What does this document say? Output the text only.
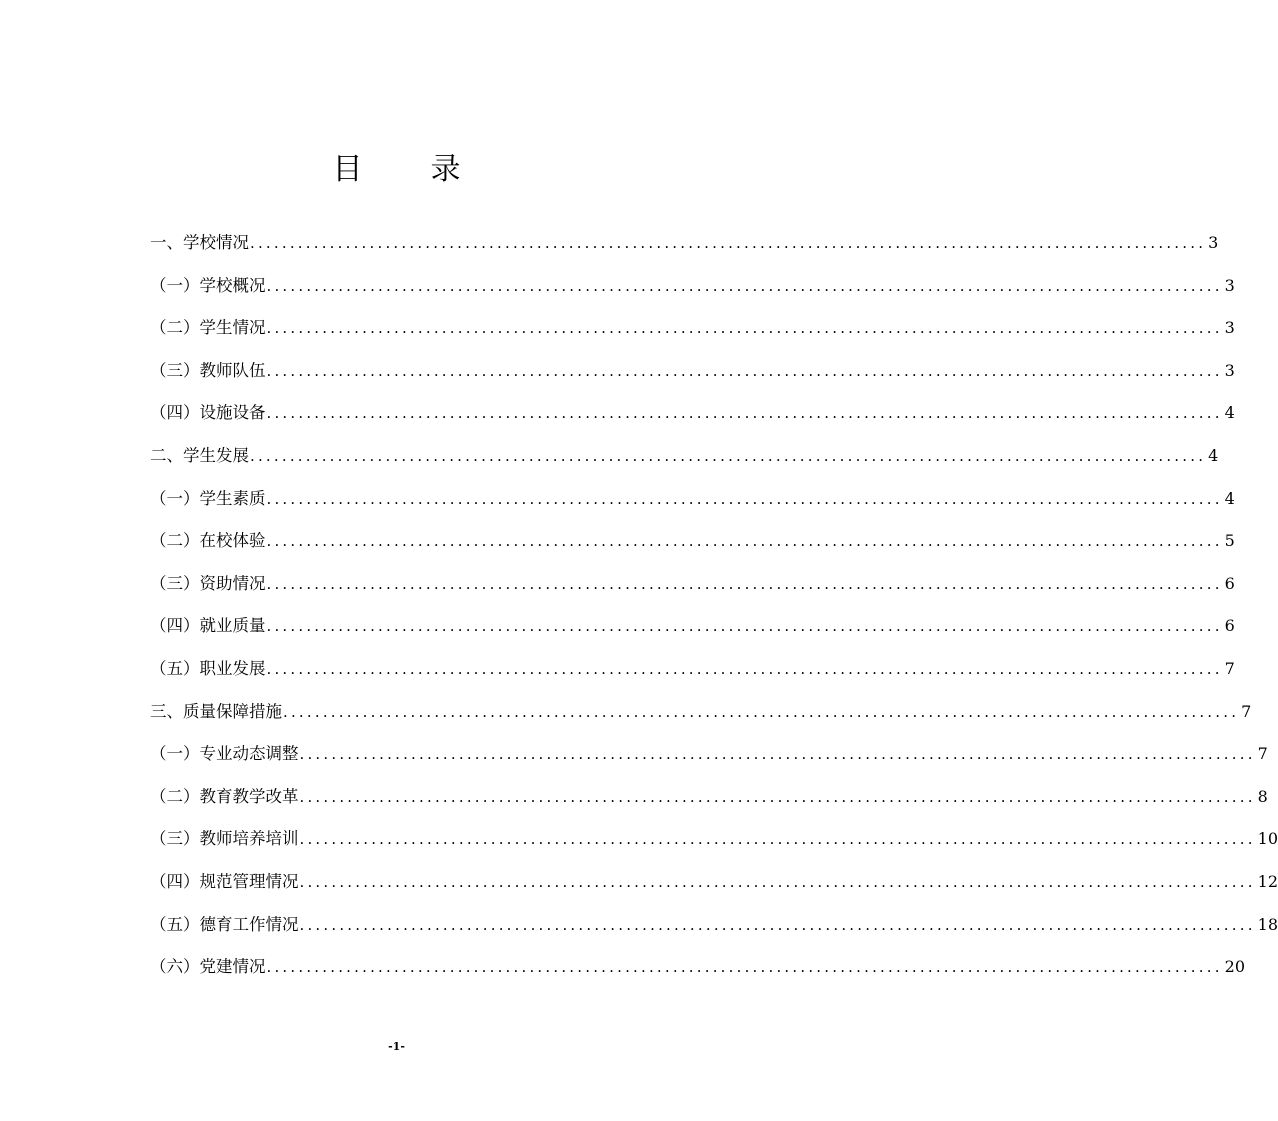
目 录
一、学校情况 ........................................................................................................................ 3
（一）学校概况 ........................................................................................................................ 3
（二）学生情况 ........................................................................................................................ 3
（三）教师队伍 ........................................................................................................................ 3
（四）设施设备 ........................................................................................................................ 4
二、学生发展 ........................................................................................................................ 4
（一）学生素质 ........................................................................................................................ 4
（二）在校体验 ........................................................................................................................ 5
（三）资助情况 ........................................................................................................................ 6
（四）就业质量 ........................................................................................................................ 6
（五）职业发展 ........................................................................................................................ 7
三、质量保障措施 ........................................................................................................................ 7
（一）专业动态调整 ........................................................................................................................ 7
（二）教育教学改革 ........................................................................................................................ 8
（三）教师培养培训 ........................................................................................................................ 10
（四）规范管理情况 ........................................................................................................................ 12
（五）德育工作情况 ........................................................................................................................ 18
（六）党建情况 ........................................................................................................................ 20
-1-
